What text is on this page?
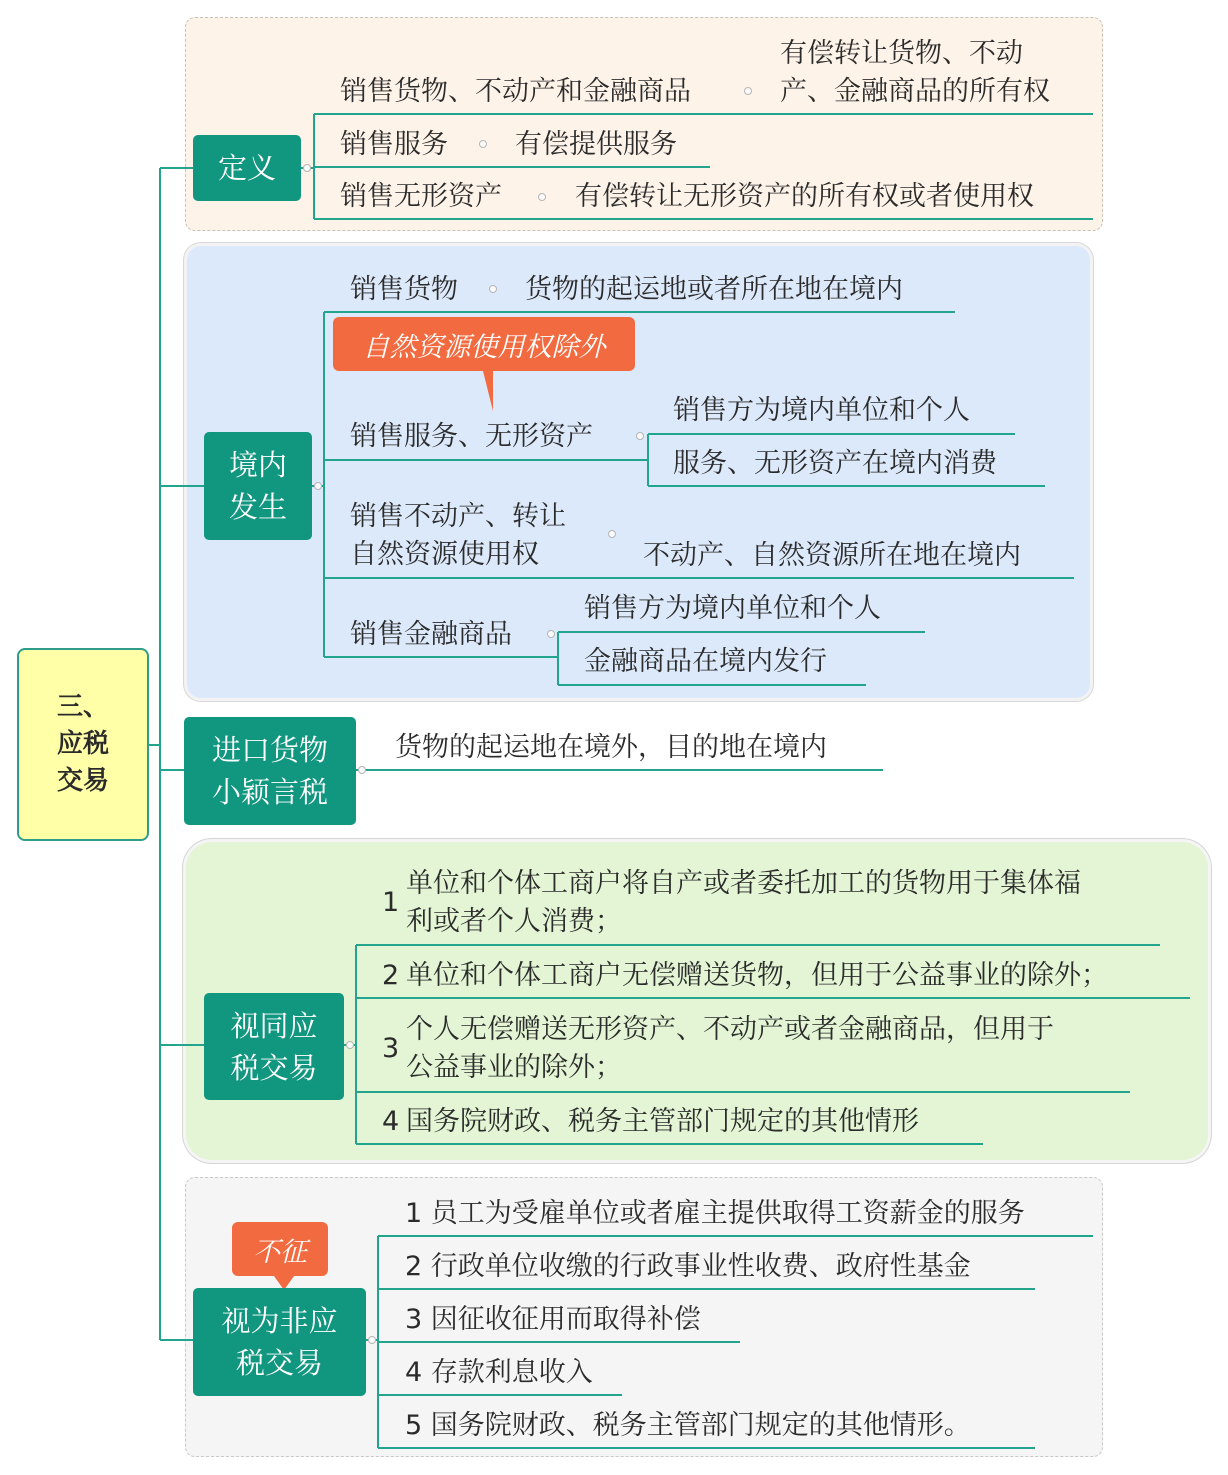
三、
应税
交易
定义
销售货物、不动产和金融商品
有偿转让货物、不动
产、金融商品的所有权
销售服务 有偿提供服务
销售无形资产	有偿转让无形资产的所有权或者使用权
境内
发生
销售货物 货物的起运地或者所在地在境内
自然资源使用权除外
销售服务、无形资产
销售方为境内单位和个人
服务、无形资产在境内消费
销售不动产、转让
自然资源使用权	不动产、自然资源所在地在境内
销售金融商品
销售方为境内单位和个人
金融商品在境内发行
进口货物
小颖言税
货物的起运地在境外，目的地在境内
视同应
税交易
1
单位和个体工商户将自产或者委托加工的货物用于集体福
利或者个人消费；
2 单位和个体工商户无偿赠送货物，但用于公益事业的除外；
3
个人无偿赠送无形资产、不动产或者金融商品，但用于
公益事业的除外；
4 国务院财政、税务主管部门规定的其他情形
不征
视为非应
税交易
1 员工为受雇单位或者雇主提供取得工资薪金的服务
2 行政单位收缴的行政事业性收费、政府性基金
3 因征收征用而取得补偿
4 存款利息收入
5 国务院财政、税务主管部门规定的其他情形。
